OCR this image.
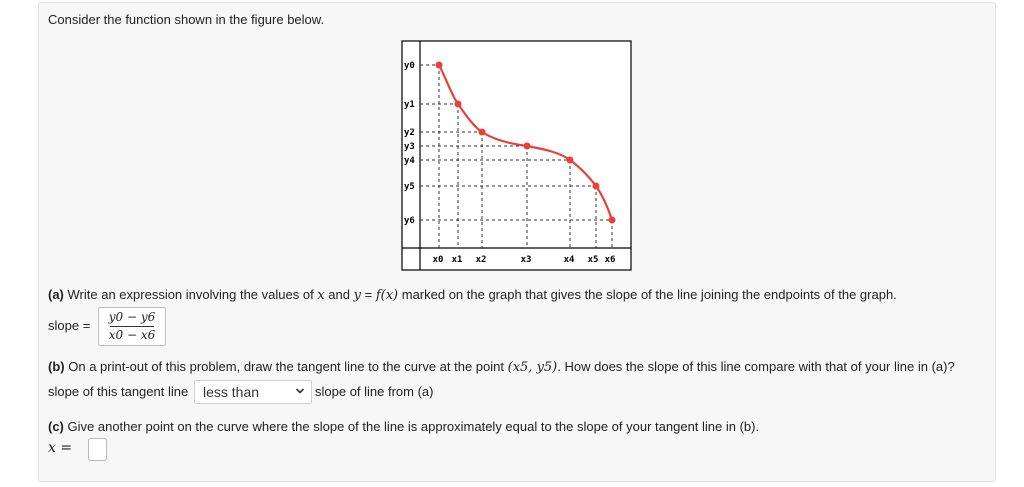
Consider the function shown in the figure below.
y0
y1
y2
y3
y4
y5
y6
x0 x1 x2	x3	x4 x5 x6
(a) Write an expression involving the values of x and y = f(x) marked on the graph that gives the slope of the line joining the endpoints of the graph.
slope =
y0 − y6
x0 − x6
(b) On a print-out of this problem, draw the tangent line to the curve at the point (x5, y5). How does the slope of this line compare with that of your line in (a)?
slope of this tangent line less than	slope of line from (a)
(c) Give another point on the curve where the slope of the line is approximately equal to the slope of your tangent line in (b).
x =
